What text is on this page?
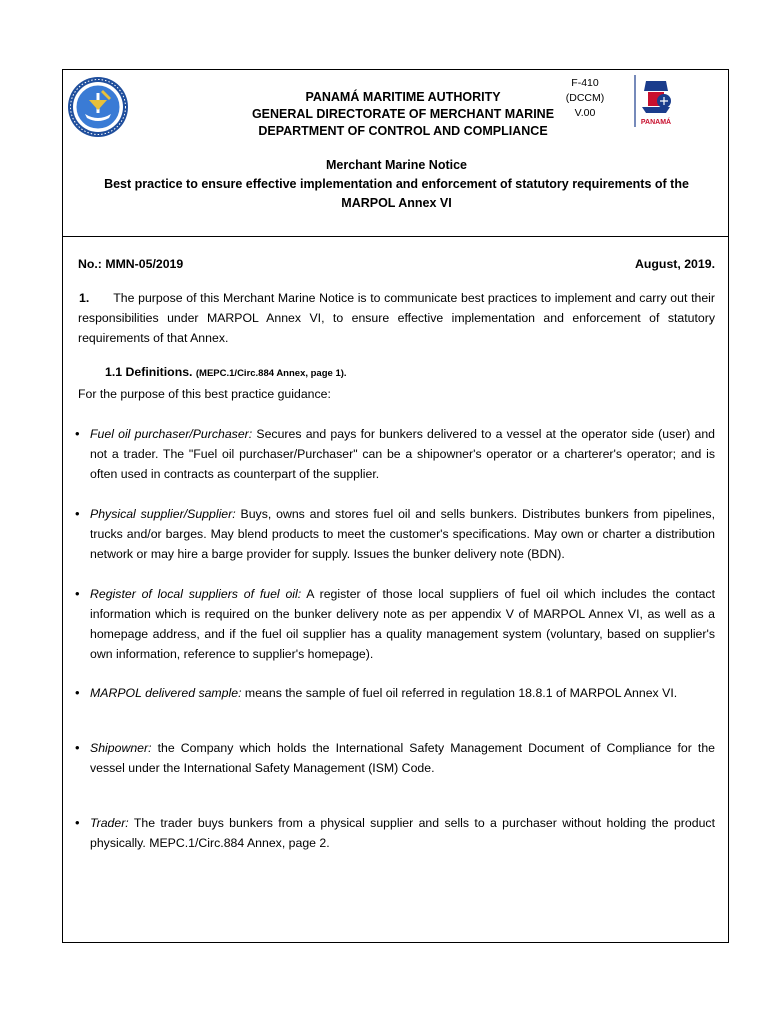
PANAMÁ MARITIME AUTHORITY
GENERAL DIRECTORATE OF MERCHANT MARINE
DEPARTMENT OF CONTROL AND COMPLIANCE
F-410
(DCCM)
V.00
PANAMÁ
Merchant Marine Notice
Best practice to ensure effective implementation and enforcement of statutory requirements of the MARPOL Annex VI
No.: MMN-05/2019	August, 2019.

1. The purpose of this Merchant Marine Notice is to communicate best practices to implement and carry out their responsibilities under MARPOL Annex VI, to ensure effective implementation and enforcement of statutory requirements of that Annex.

1.1 Definitions. (MEPC.1/Circ.884 Annex, page 1).

For the purpose of this best practice guidance:

• Fuel oil purchaser/Purchaser: Secures and pays for bunkers delivered to a vessel at the operator side (user) and not a trader. The "Fuel oil purchaser/Purchaser" can be a shipowner's operator or a charterer's operator; and is often used in contracts as counterpart of the supplier.
• Physical supplier/Supplier: Buys, owns and stores fuel oil and sells bunkers. Distributes bunkers from pipelines, trucks and/or barges. May blend products to meet the customer's specifications. May own or charter a distribution network or may hire a barge provider for supply. Issues the bunker delivery note (BDN).
• Register of local suppliers of fuel oil: A register of those local suppliers of fuel oil which includes the contact information which is required on the bunker delivery note as per appendix V of MARPOL Annex VI, as well as a homepage address, and if the fuel oil supplier has a quality management system (voluntary, based on supplier's own information, reference to supplier's homepage).
• MARPOL delivered sample: means the sample of fuel oil referred in regulation 18.8.1 of MARPOL Annex VI.
• Shipowner: the Company which holds the International Safety Management Document of Compliance for the vessel under the International Safety Management (ISM) Code.
• Trader: The trader buys bunkers from a physical supplier and sells to a purchaser without holding the product physically. MEPC.1/Circ.884 Annex, page 2.
